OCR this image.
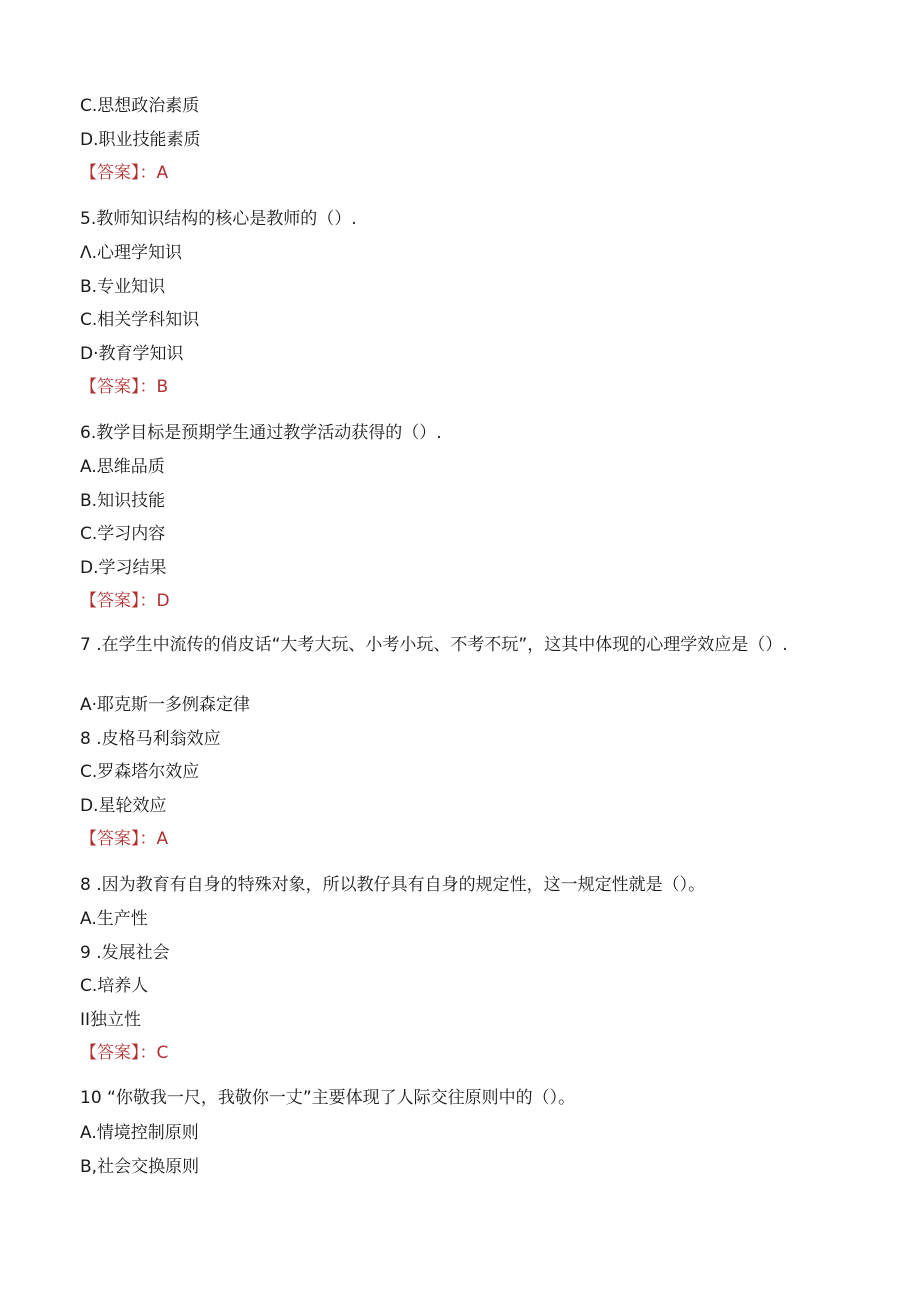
C.思想政治素质
D.职业技能素质
【答案】：A
5.教师知识结构的核心是教师的（）.
Λ.心理学知识
B.专业知识
C.相关学科知识
D·教育学知识
【答案】：B
6.教学目标是预期学生通过教学活动获得的（）.
A.思维品质
B.知识技能
C.学习内容
D.学习结果
【答案】：D
7 .在学生中流传的俏皮话“大考大玩、小考小玩、不考不玩”，这其中体现的心理学效应是（）.
A·耶克斯一多例森定律
8 .皮格马利翁效应
C.罗森塔尔效应
D.星轮效应
【答案】：A
8 .因为教育有自身的特殊对象，所以教仔具有自身的规定性，这一规定性就是（）。
A.生产性
9 .发展社会
C.培养人
II独立性
【答案】：C
10 “你敬我一尺，我敬你一丈”主要体现了人际交往原则中的（）。
A.情境控制原则
B,社会交换原则
